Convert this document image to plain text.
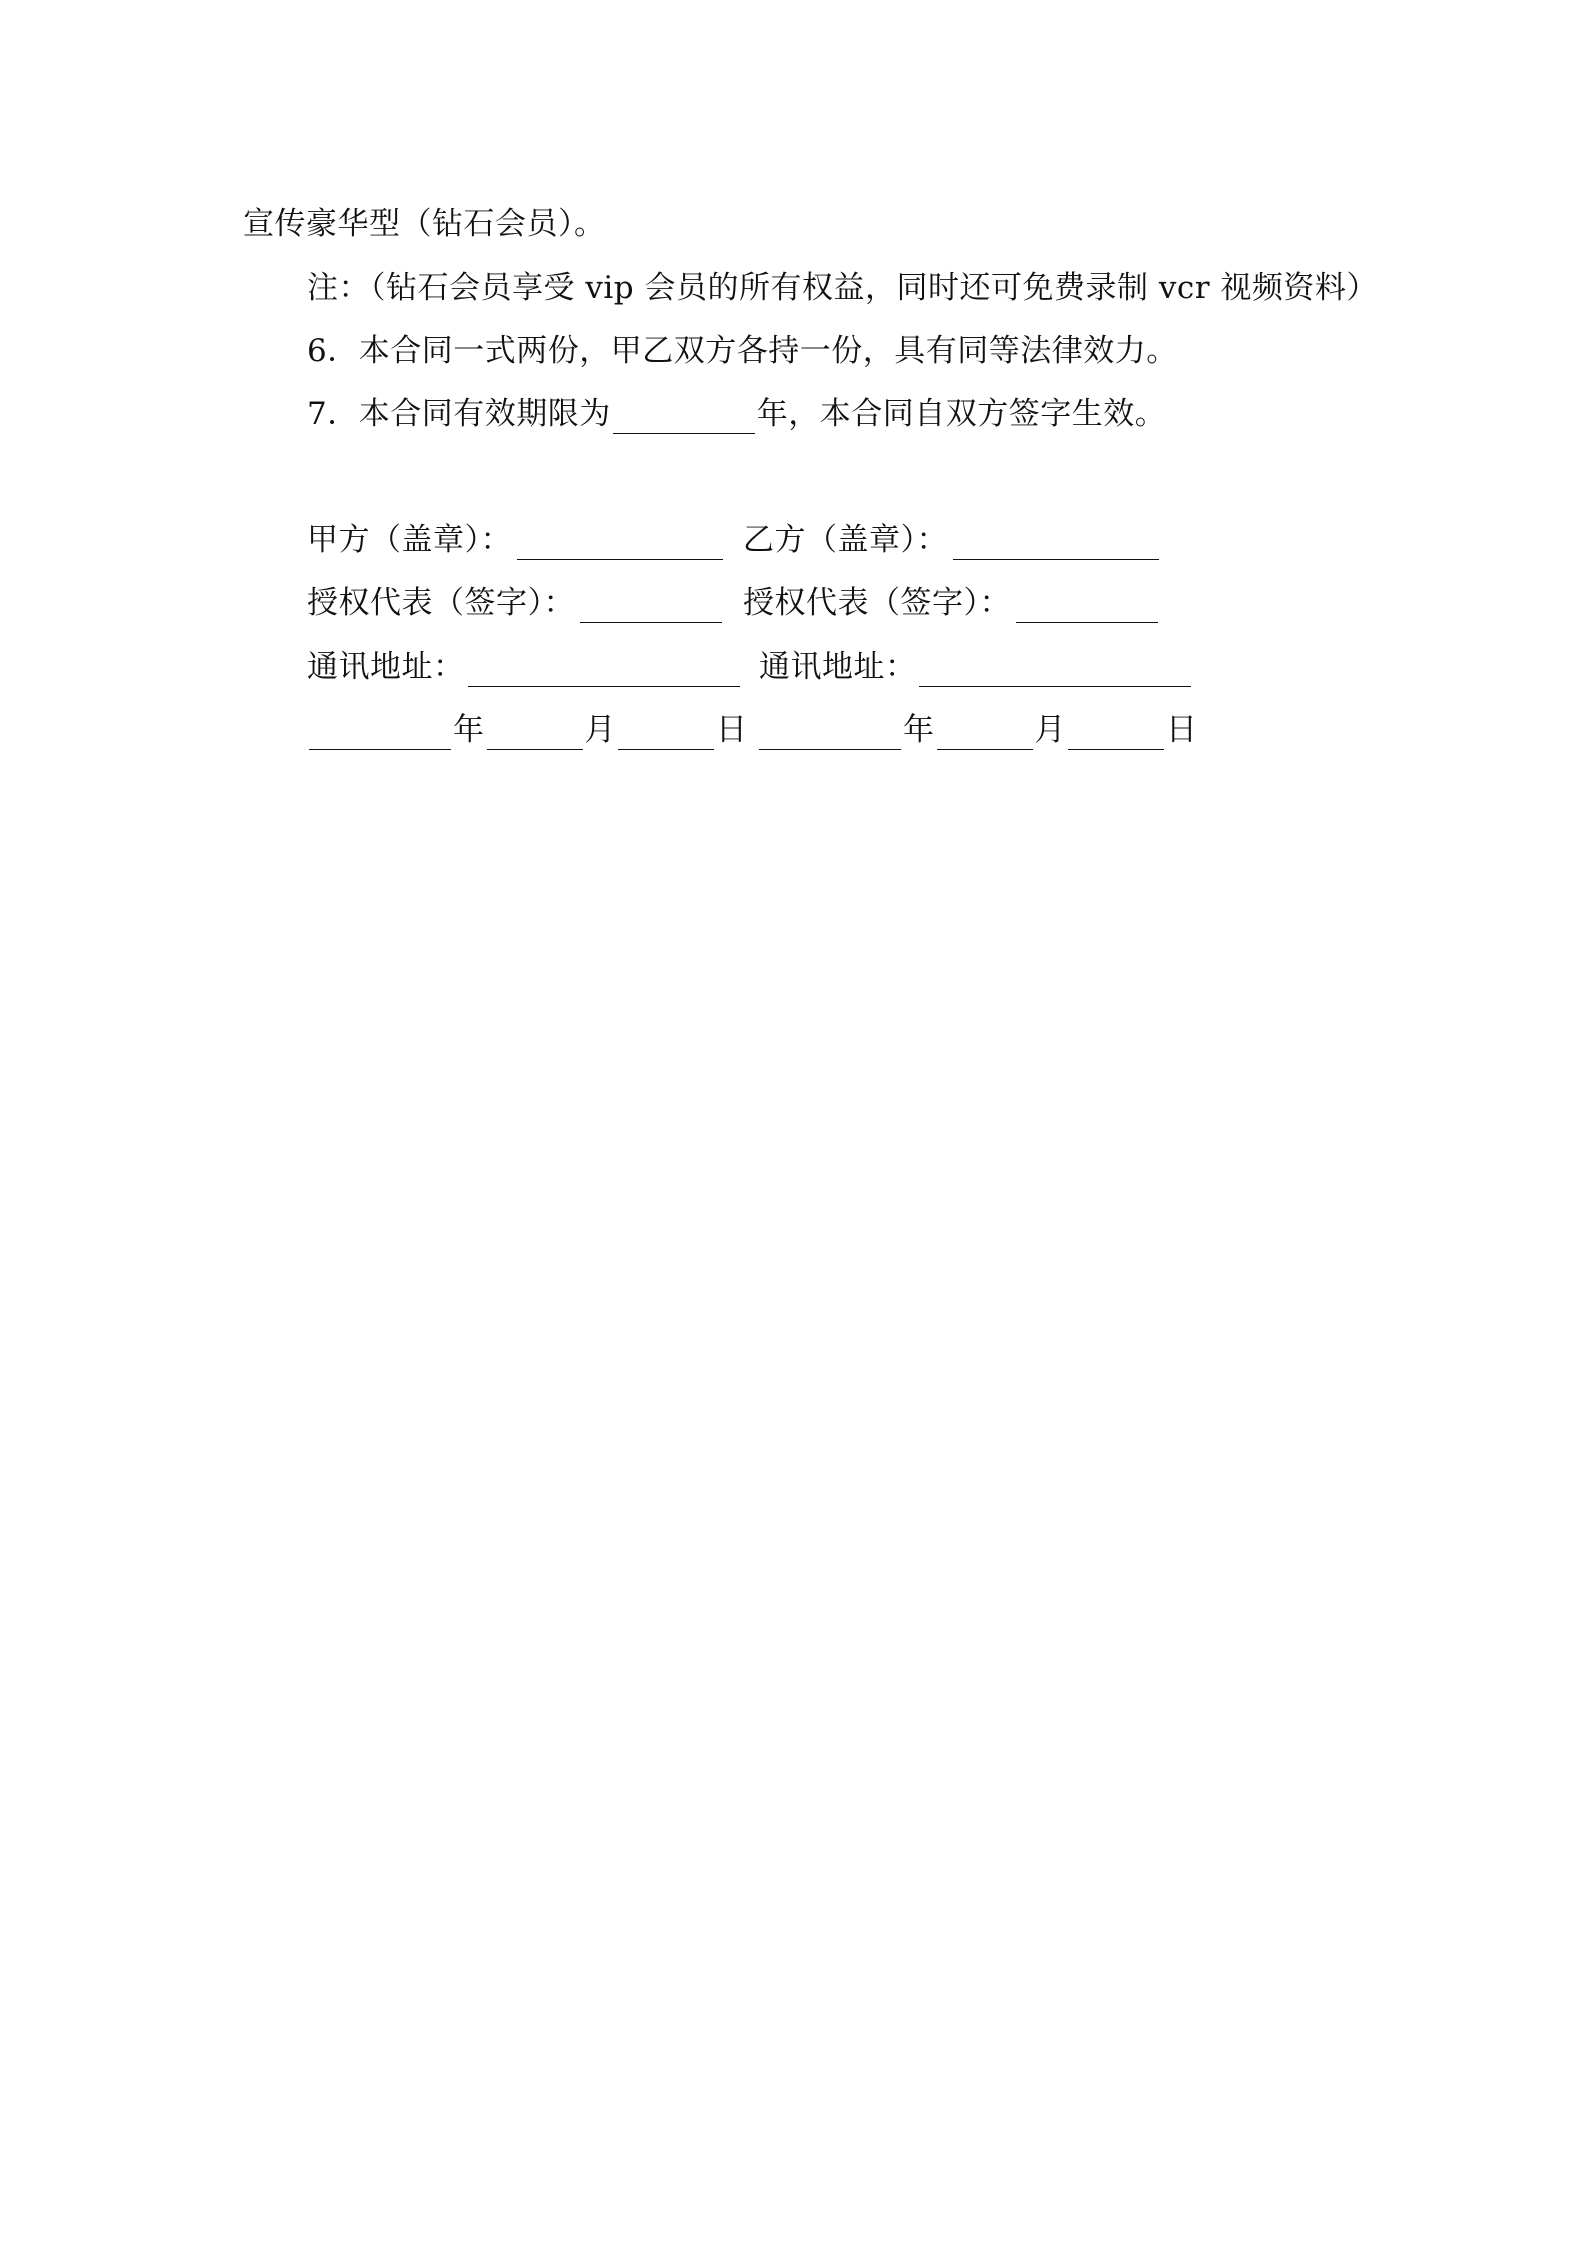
宣传豪华型（钻石会员）。
注：（钻石会员享受 vip 会员的所有权益，同时还可免费录制 vcr 视频资料）
6．本合同一式两份，甲乙双方各持一份，具有同等法律效力。
7．本合同有效期限为	年，本合同自双方签字生效。
甲方（盖章）：	乙方（盖章）：
授权代表（签字）：	授权代表（签字）：
通讯地址：	通讯地址：
年	月	日	年	月	日
